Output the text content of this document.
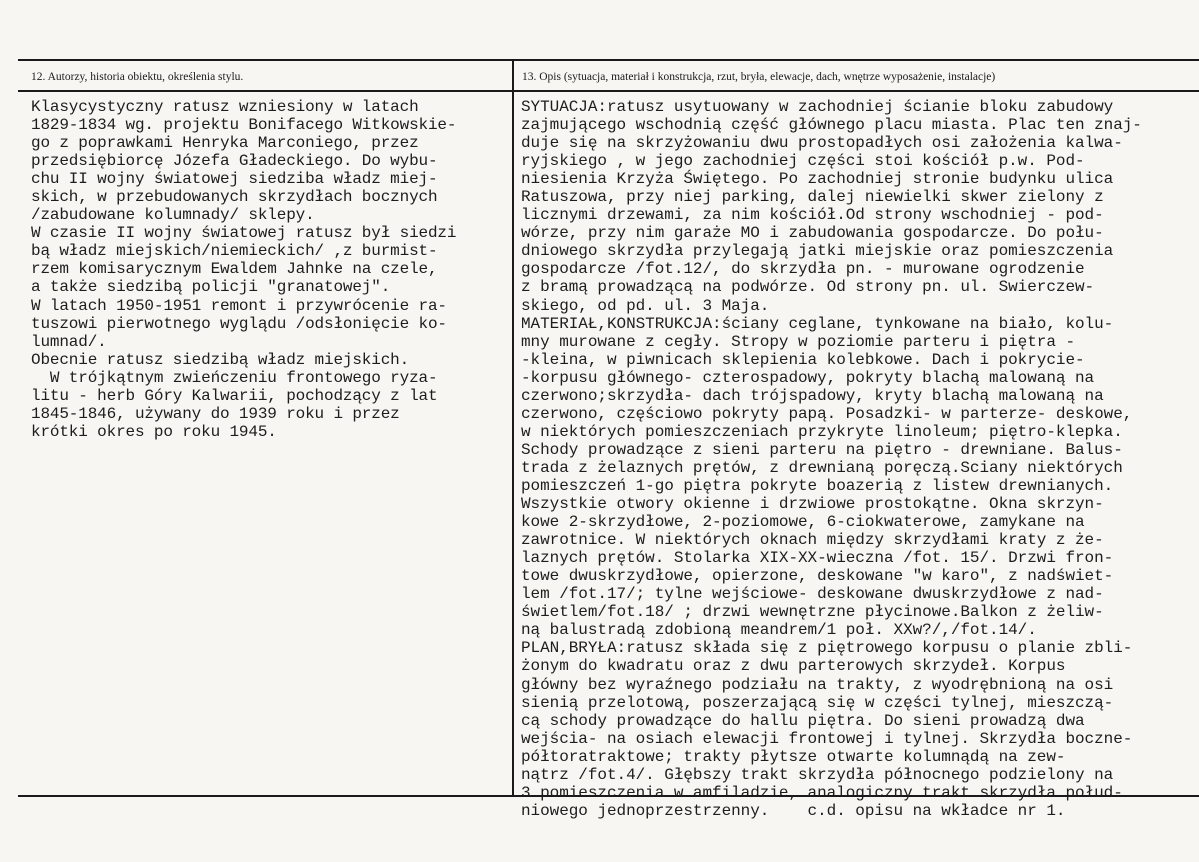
12. Autorzy, historia obiektu, określenia stylu.	13. Opis (sytuacja, materiał i konstrukcja, rzut, bryła, elewacje, dach, wnętrze wyposażenie, instalacje)
Klasycystyczny ratusz wzniesiony w latach
1829-1834 wg. projektu Bonifacego Witkowskie-
go z poprawkami Henryka Marconiego, przez
przedsiębiorcę Józefa Gładeckiego. Do wybu-
chu II wojny światowej siedziba władz miej-
skich, w przebudowanych skrzydłach bocznych
/zabudowane kolumnady/ sklepy.
W czasie II wojny światowej ratusz był siedzi
bą władz miejskich/niemieckich/ ,z burmist-
rzem komisarycznym Ewaldem Jahnke na czele,
a także siedzibą policji "granatowej".
W latach 1950-1951 remont i przywrócenie ra-
tuszowi pierwotnego wyglądu /odsłonięcie ko-
lumnad/.
Obecnie ratusz siedzibą władz miejskich.
W trójkątnym zwieńczeniu frontowego ryza-
litu - herb Góry Kalwarii, pochodzący z lat
1845-1846, używany do 1939 roku i przez
krótki okres po roku 1945.
SYTUACJA:ratusz usytuowany w zachodniej ścianie bloku zabudowy
zajmującego wschodnią część głównego placu miasta. Plac ten znaj-
duje się na skrzyżowaniu dwu prostopadłych osi założenia kalwa-
ryjskiego , w jego zachodniej części stoi kościół p.w. Pod-
niesienia Krzyża Świętego. Po zachodniej stronie budynku ulica
Ratuszowa, przy niej parking, dalej niewielki skwer zielony z
licznymi drzewami, za nim kościół.Od strony wschodniej - pod-
wórze, przy nim garaże MO i zabudowania gospodarcze. Do połu-
dniowego skrzydła przylegają jatki miejskie oraz pomieszczenia
gospodarcze /fot.12/, do skrzydła pn. - murowane ogrodzenie
z bramą prowadzącą na podwórze. Od strony pn. ul. Swierczew-
skiego, od pd. ul. 3 Maja.
MATERIAŁ,KONSTRUKCJA:ściany ceglane, tynkowane na biało, kolu-
mny murowane z cegły. Stropy w poziomie parteru i piętra -
-kleina, w piwnicach sklepienia kolebkowe. Dach i pokrycie-
-korpusu głównego- czterospadowy, pokryty blachą malowaną na
czerwono;skrzydła- dach trójspadowy, kryty blachą malowaną na
czerwono, częściowo pokryty papą. Posadzki- w parterze- deskowe,
w niektórych pomieszczeniach przykryte linoleum; piętro-klepka.
Schody prowadzące z sieni parteru na piętro - drewniane. Balus-
trada z żelaznych prętów, z drewnianą poręczą.Sciany niektórych
pomieszczeń 1-go piętra pokryte boazerią z listew drewnianych.
Wszystkie otwory okienne i drzwiowe prostokątne. Okna skrzyn-
kowe 2-skrzydłowe, 2-poziomowe, 6-ciokwaterowe, zamykane na
zawrotnice. W niektórych oknach między skrzydłami kraty z że-
laznych prętów. Stolarka XIX-XX-wieczna /fot. 15/. Drzwi fron-
towe dwuskrzydłowe, opierzone, deskowane "w karo", z nadświet-
lem /fot.17/; tylne wejściowe- deskowane dwuskrzydłowe z nad-
świetlem/fot.18/ ; drzwi wewnętrzne płycinowe.Balkon z żeliw-
ną balustradą zdobioną meandrem/1 poł. XXw?/,/fot.14/.
PLAN,BRYŁA:ratusz składa się z piętrowego korpusu o planie zbli-
żonym do kwadratu oraz z dwu parterowych skrzydeł. Korpus
główny bez wyraźnego podziału na trakty, z wyodrębnioną na osi
sienią przelotową, poszerzającą się w części tylnej, mieszczą-
cą schody prowadzące do hallu piętra. Do sieni prowadzą dwa
wejścia- na osiach elewacji frontowej i tylnej. Skrzydła boczne-
półtoratraktowe; trakty płytsze otwarte kolumnądą na zew-
nątrz /fot.4/. Głębszy trakt skrzydła północnego podzielony na
3 pomieszczenia w amfiladzie, analogiczny trakt skrzydła połud-
niowego jednoprzestrzenny.    c.d. opisu na wkładce nr 1.
